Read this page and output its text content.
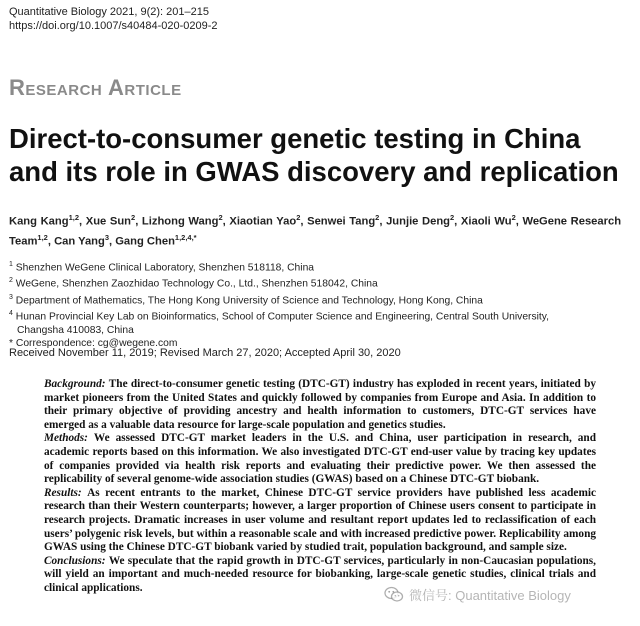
Quantitative Biology 2021, 9(2): 201–215
https://doi.org/10.1007/s40484-020-0209-2
Research Article
Direct-to-consumer genetic testing in China
and its role in GWAS discovery and replication
Kang Kang$^{1,2}$, Xue Sun$^2$, Lizhong Wang$^2$, Xiaotian Yao$^2$, Senwei Tang$^2$, Junjie Deng$^2$, Xiaoli Wu$^2$, WeGene Research Team$^{1,2}$, Can Yang$^3$, Gang Chen$^{1,2,4,*}$
$^1$ Shenzhen WeGene Clinical Laboratory, Shenzhen 518118, China
$^2$ WeGene, Shenzhen Zaozhidao Technology Co., Ltd., Shenzhen 518042, China
$^3$ Department of Mathematics, The Hong Kong University of Science and Technology, Hong Kong, China
$^4$ Hunan Provincial Key Lab on Bioinformatics, School of Computer Science and Engineering, Central South University,
Changsha 410083, China
* Correspondence: cg@wegene.com
Received November 11, 2019; Revised March 27, 2020; Accepted April 30, 2020

Background: The direct-to-consumer genetic testing (DTC-GT) industry has exploded in recent years, initiated by market pioneers from the United States and quickly followed by companies from Europe and Asia. In addition to their primary objective of providing ancestry and health information to customers, DTC-GT services have emerged as a valuable data resource for large-scale population and genetics studies.

Methods: We assessed DTC-GT market leaders in the U.S. and China, user participation in research, and academic reports based on this information. We also investigated DTC-GT end-user value by tracing key updates of companies provided via health risk reports and evaluating their predictive power. We then assessed the replicability of several genome-wide association studies (GWAS) based on a Chinese DTC-GT biobank.

Results: As recent entrants to the market, Chinese DTC-GT service providers have published less academic research than their Western counterparts; however, a larger proportion of Chinese users consent to participate in research projects. Dramatic increases in user volume and resultant report updates led to reclassification of each users’ polygenic risk levels, but within a reasonable scale and with increased predictive power. Replicability among GWAS using the Chinese DTC-GT biobank varied by studied trait, population background, and sample size.

Conclusions: We speculate that the rapid growth in DTC-GT services, particularly in non-Caucasian populations, will yield an important and much-needed resource for biobanking, large-scale genetic studies, clinical trials and clinical applications.

微信号: Quantitative Biology
